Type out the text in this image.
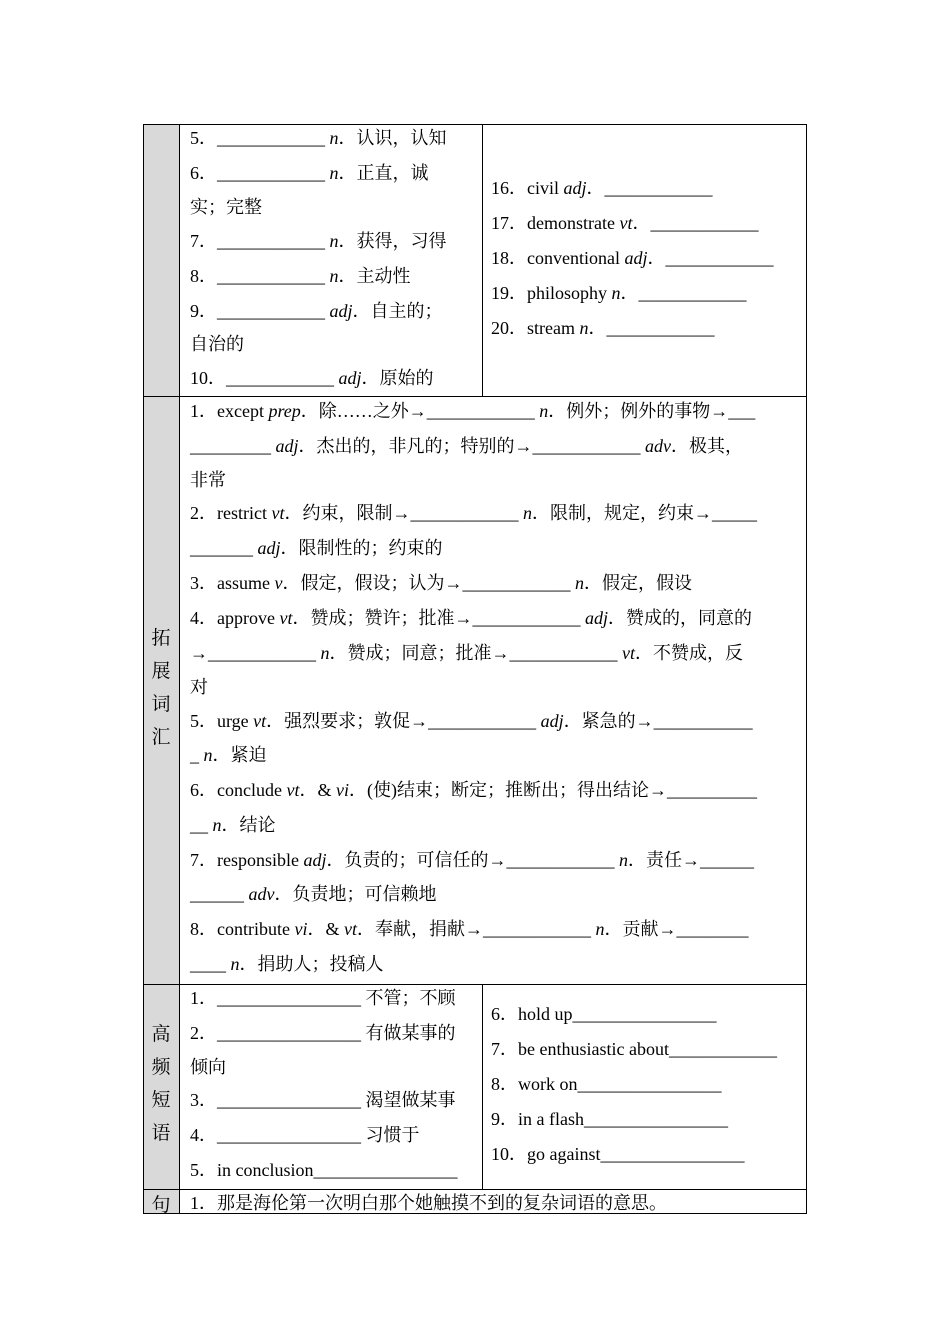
5．____________ n．认识，认知
6．____________ n．正直，诚
实；完整
7．____________ n．获得，习得
8．____________ n．主动性
9．____________ adj．自主的；
自治的
10．____________ adj．原始的
16．civil adj．____________
17．demonstrate vt．____________
18．conventional adj．____________
19．philosophy n．____________
20．stream n．____________
拓
展
词
汇
1．except prep．除……之外→____________ n．例外；例外的事物→___
_________ adj．杰出的，非凡的；特别的→____________ adv．极其，
非常
2．restrict vt．约束，限制→____________ n．限制，规定，约束→_____
_______ adj．限制性的；约束的
3．assume v．假定，假设；认为→____________ n．假定，假设
4．approve vt．赞成；赞许；批准→____________ adj．赞成的，同意的
→____________ n．赞成；同意；批准→____________ vt．不赞成，反
对
5．urge vt．强烈要求；敦促→____________ adj．紧急的→___________
_ n．紧迫
6．conclude vt．& vi．(使)结束；断定；推断出；得出结论→__________
__ n．结论
7．responsible adj．负责的；可信任的→____________ n．责任→______
______ adv．负责地；可信赖地
8．contribute vi．& vt．奉献，捐献→____________ n．贡献→________
____ n．捐助人；投稿人
高
频
短
语
1．________________ 不管；不顾
2．________________ 有做某事的
倾向
3．________________ 渴望做某事
4．________________ 习惯于
5．in conclusion________________
6．hold up________________
7．be enthusiastic about____________
8．work on________________
9．in a flash________________
10．go against________________
句	1．那是海伦第一次明白那个她触摸不到的复杂词语的意思。
